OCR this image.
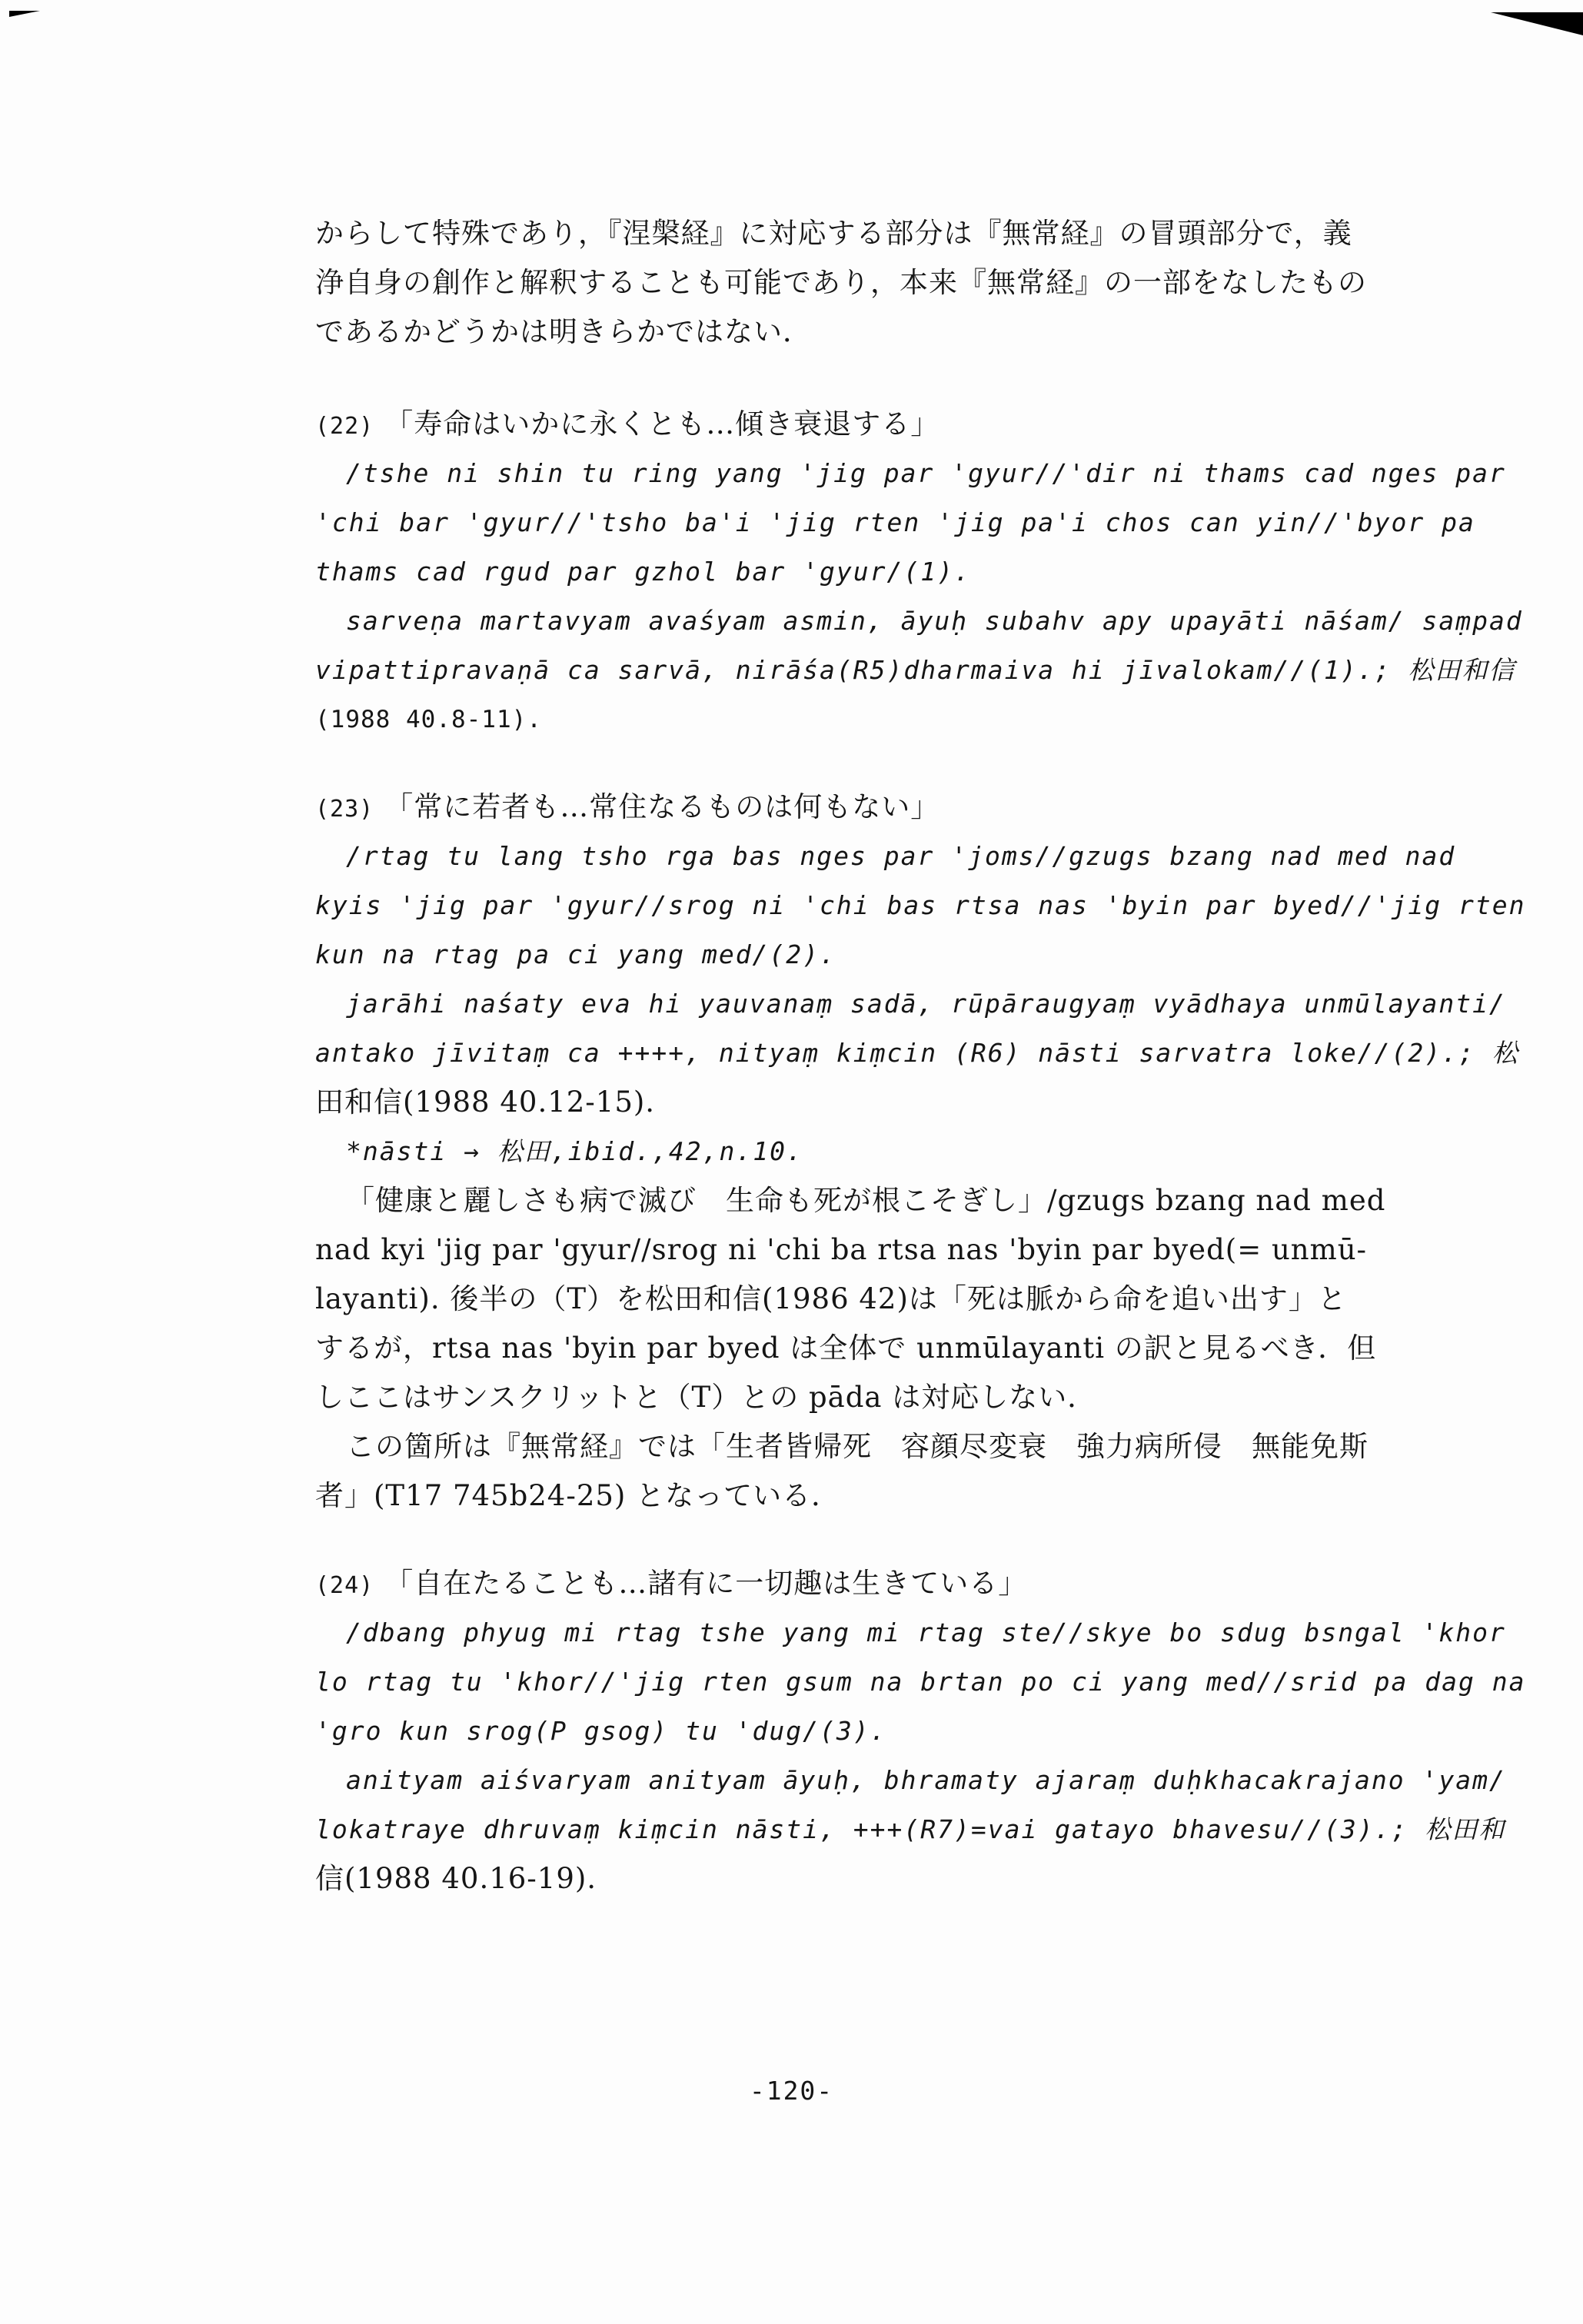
からして特殊であり，『涅槃経』に対応する部分は『無常経』の冒頭部分で，義
浄自身の創作と解釈することも可能であり，本来『無常経』の一部をなしたもの
であるかどうかは明きらかではない．
(22) 「寿命はいかに永くとも…傾き衰退する」
/tshe ni shin tu ring yang 'jig par 'gyur//'dir ni thams cad nges par
'chi bar 'gyur//'tsho ba'i 'jig rten 'jig pa'i chos can yin//'byor pa
thams cad rgud par gzhol bar 'gyur/(1).
sarveṇa martavyam avaśyam asmin, āyuḥ subahv apy upayāti nāśam/ saṃpad
vipattipravaṇā ca sarvā, nirāśa(R5)dharmaiva hi jīvalokam//(1).; 松田和信
(1988 40.8-11).
(23) 「常に若者も…常住なるものは何もない」
/rtag tu lang tsho rga bas nges par 'joms//gzugs bzang nad med nad
kyis 'jig par 'gyur//srog ni 'chi bas rtsa nas 'byin par byed//'jig rten
kun na rtag pa ci yang med/(2).
jarāhi naśaty eva hi yauvanaṃ sadā, rūpāraugyaṃ vyādhaya unmūlayanti/
antako jīvitaṃ ca ++++, nityaṃ kiṃcin (R6) nāsti sarvatra loke//(2).; 松
田和信(1988 40.12-15).
*nāsti → 松田,ibid.,42,n.10.
「健康と麗しさも病で滅び　生命も死が根こそぎし」/gzugs bzang nad med
nad kyi 'jig par 'gyur//srog ni 'chi ba rtsa nas 'byin par byed(= unmū-
layanti). 後半の（T）を松田和信(1986 42)は「死は脈から命を追い出す」と
するが，rtsa nas 'byin par byed は全体で unmūlayanti の訳と見るべき．但
しここはサンスクリットと（T）との pāda は対応しない．
この箇所は『無常経』では「生者皆帰死　容顔尽変衰　強力病所侵　無能免斯
者」(T17 745b24-25) となっている．
(24) 「自在たることも…諸有に一切趣は生きている」
/dbang phyug mi rtag tshe yang mi rtag ste//skye bo sdug bsngal 'khor
lo rtag tu 'khor//'jig rten gsum na brtan po ci yang med//srid pa dag na
'gro kun srog(P gsog) tu 'dug/(3).
anityam aiśvaryam anityam āyuḥ, bhramaty ajaraṃ duḥkhacakrajano 'yam/
lokatraye dhruvaṃ kiṃcin nāsti, +++(R7)=vai gatayo bhavesu//(3).; 松田和
信(1988 40.16-19).
-120-
